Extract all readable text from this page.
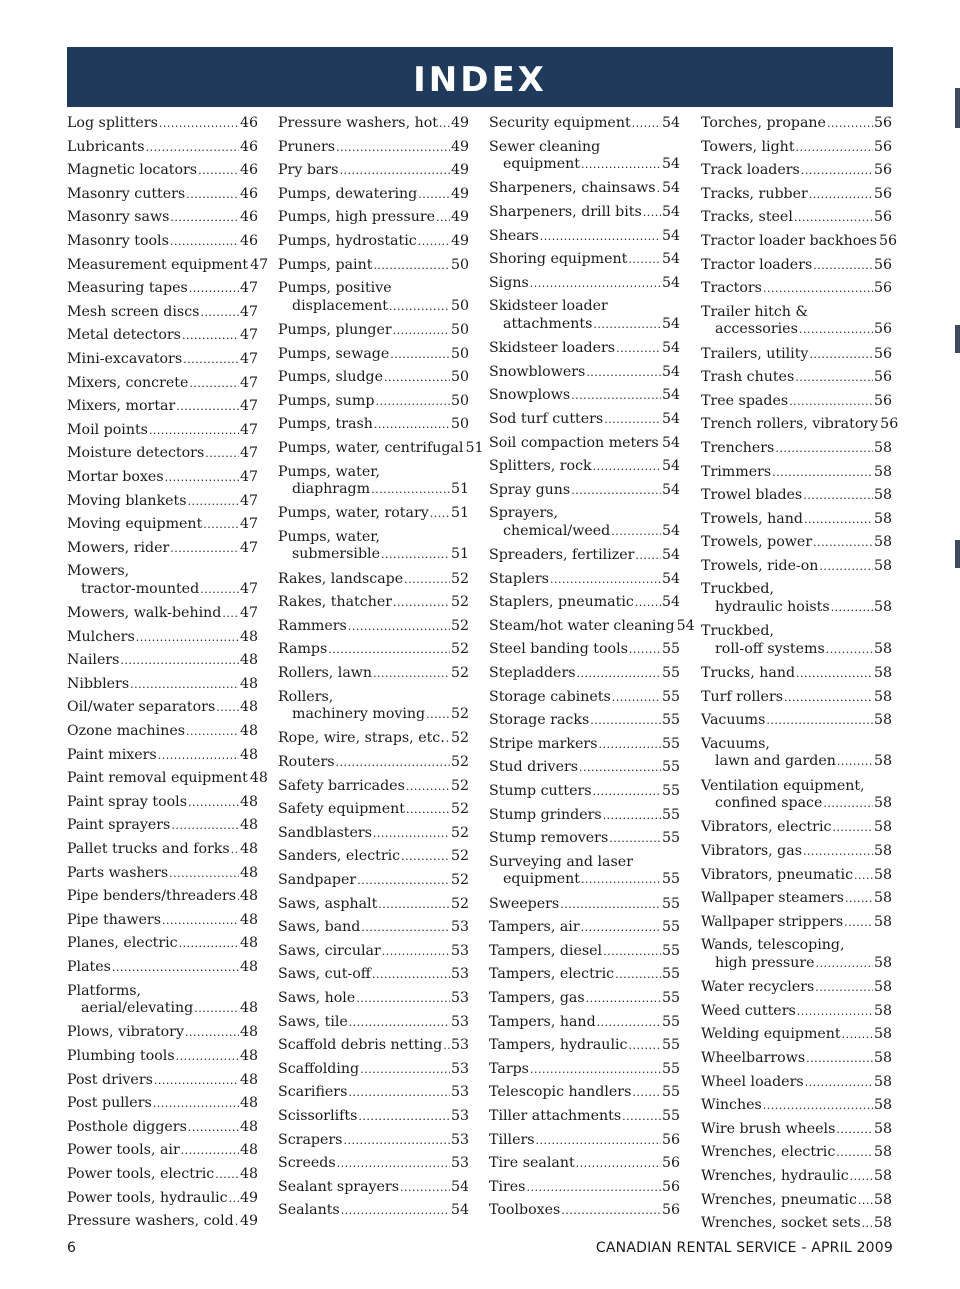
INDEX
Log splitters .....	46
Lubricants .....	46
Magnetic locators .....	46
Masonry cutters .....	46
Masonry saws .....	46
Masonry tools .....	46
Measurement equipment 47
Measuring tapes .....	47
Mesh screen discs .....	47
Metal detectors .....	47
Mini-excavators .....	47
Mixers, concrete .....	47
Mixers, mortar .....	47
Moil points .....	47
Moisture detectors .....	47
Mortar boxes .....	47
Moving blankets .....	47
Moving equipment .....	47
Mowers, rider .....	47
Mowers,
tractor-mounted .....	47
Mowers, walk-behind ..... 47
Mulchers .....	48
Nailers .....	48
Nibblers .....	48
Oil/water separators ..... 48
Ozone machines .....	48
Paint mixers .....	48
Paint removal equipment 48
Paint spray tools .....	48
Paint sprayers .....	48
Pallet trucks and forks ..... 48
Parts washers .....	48
Pipe benders/threaders ..... 48
Pipe thawers .....	48
Planes, electric .....	48
Plates .....	48
Platforms,
aerial/elevating .....	48
Plows, vibratory .....	48
Plumbing tools .....	48
Post drivers .....	48
Post pullers .....	48
Posthole diggers .....	48
Power tools, air .....	48
Power tools, electric ..... 48
Power tools, hydraulic ..... 49
Pressure washers, cold ..... 49
Pressure washers, hot ..... 49
Pruners .....	49
Pry bars .....	49
Pumps, dewatering ..... 49
Pumps, high pressure ..... 49
Pumps, hydrostatic ..... 49
Pumps, paint .....	50
Pumps, positive
displacement .....	50
Pumps, plunger .....	50
Pumps, sewage .....	50
Pumps, sludge .....	50
Pumps, sump .....	50
Pumps, trash .....	50
Pumps, water, centrifugal 51
Pumps, water,
diaphragm .....	51
Pumps, water, rotary ..... 51
Pumps, water,
submersible .....	51
Rakes, landscape .....	52
Rakes, thatcher .....	52
Rammers .....	52
Ramps .....	52
Rollers, lawn .....	52
Rollers,
machinery moving ..... 52
Rope, wire, straps, etc. ..... 52
Routers .....	52
Safety barricades .....	52
Safety equipment .....	52
Sandblasters .....	52
Sanders, electric .....	52
Sandpaper .....	52
Saws, asphalt .....	52
Saws, band .....	53
Saws, circular .....	53
Saws, cut-off .....	53
Saws, hole .....	53
Saws, tile .....	53
Scaffold debris netting ..... 53
Scaffolding .....	53
Scarifiers .....	53
Scissorlifts .....	53
Scrapers .....	53
Screeds .....	53
Sealant sprayers .....	54
Sealants .....	54
Security equipment ..... 54
Sewer cleaning
equipment .....	54
Sharpeners, chainsaws ..... 54
Sharpeners, drill bits ..... 54
Shears .....	54
Shoring equipment ..... 54
Signs .....	54
Skidsteer loader
attachments .....	54
Skidsteer loaders .....	54
Snowblowers .....	54
Snowplows .....	54
Sod turf cutters .....	54
Soil compaction meters ..... 54
Splitters, rock .....	54
Spray guns .....	54
Sprayers,
chemical/weed .....	54
Spreaders, fertilizer ..... 54
Staplers .....	54
Staplers, pneumatic ..... 54
Steam/hot water cleaning 54
Steel banding tools ..... 55
Stepladders .....	55
Storage cabinets .....	55
Storage racks .....	55
Stripe markers .....	55
Stud drivers .....	55
Stump cutters .....	55
Stump grinders .....	55
Stump removers .....	55
Surveying and laser
equipment .....	55
Sweepers .....	55
Tampers, air .....	55
Tampers, diesel .....	55
Tampers, electric .....	55
Tampers, gas .....	55
Tampers, hand .....	55
Tampers, hydraulic ..... 55
Tarps .....	55
Telescopic handlers ..... 55
Tiller attachments .....	55
Tillers .....	56
Tire sealant .....	56
Tires .....	56
Toolboxes .....	56
Torches, propane .....	56
Towers, light .....	56
Track loaders .....	56
Tracks, rubber .....	56
Tracks, steel .....	56
Tractor loader backhoes 56
Tractor loaders .....	56
Tractors .....	56
Trailer hitch &
accessories .....	56
Trailers, utility .....	56
Trash chutes .....	56
Tree spades .....	56
Trench rollers, vibratory 56
Trenchers .....	58
Trimmers .....	58
Trowel blades .....	58
Trowels, hand .....	58
Trowels, power .....	58
Trowels, ride-on .....	58
Truckbed,
hydraulic hoists .....	58
Truckbed,
roll-off systems .....	58
Trucks, hand .....	58
Turf rollers .....	58
Vacuums .....	58
Vacuums,
lawn and garden .....	58
Ventilation equipment,
confined space .....	58
Vibrators, electric .....	58
Vibrators, gas .....	58
Vibrators, pneumatic ..... 58
Wallpaper steamers ..... 58
Wallpaper strippers ..... 58
Wands, telescoping,
high pressure .....	58
Water recyclers .....	58
Weed cutters .....	58
Welding equipment ..... 58
Wheelbarrows .....	58
Wheel loaders .....	58
Winches .....	58
Wire brush wheels .....	58
Wrenches, electric .....	58
Wrenches, hydraulic ..... 58
Wrenches, pneumatic ..... 58
Wrenches, socket sets ..... 58
6	CANADIAN RENTAL SERVICE - APRIL 2009
